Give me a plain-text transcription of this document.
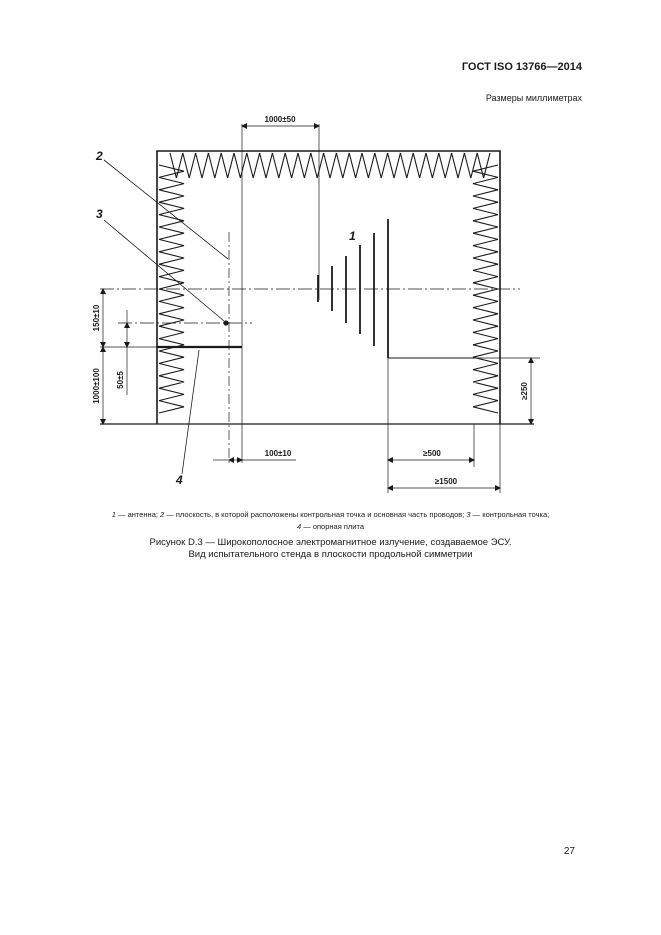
ГОСТ ISO 13766—2014
Размеры миллиметрах
1000±50
150±10
1000±100 50±5
≥250
100±10	≥500
≥1500
1
2
3
4
1 — антенна; 2 — плоскость, в которой расположены контрольная точка и основная часть проводов; 3 — контрольная точка;
4 — опорная плита
Рисунок D.3 — Широкополосное электромагнитное излучение, создаваемое ЭСУ.
Вид испытательного стенда в плоскости продольной симметрии
27
